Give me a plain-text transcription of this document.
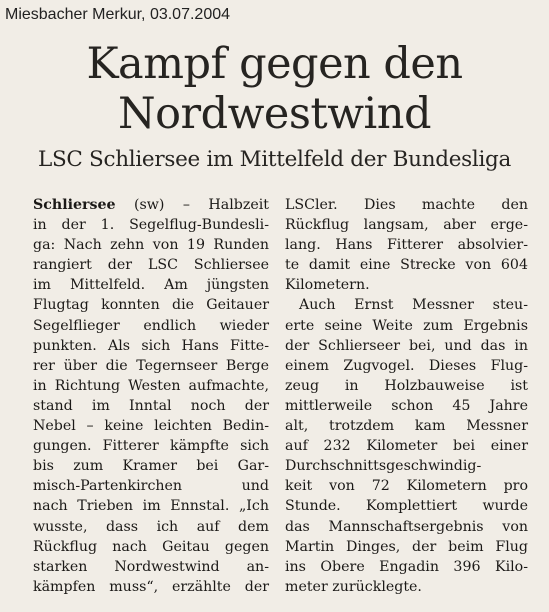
Miesbacher Merkur, 03.07.2004
Kampf gegen den
Nordwestwind
LSC Schliersee im Mittelfeld der Bundesliga
Schliersee (sw) – Halbzeit
in der 1. Segelflug-Bundesli-
ga: Nach zehn von 19 Runden
rangiert der LSC Schliersee
im Mittelfeld. Am jüngsten
Flugtag konnten die Geitauer
Segelflieger endlich wieder
punkten. Als sich Hans Fitte-
rer über die Tegernseer Berge
in Richtung Westen aufmachte,
stand im Inntal noch der
Nebel – keine leichten Bedin-
gungen. Fitterer kämpfte sich
bis zum Kramer bei Gar-
misch-Partenkirchen und
nach Trieben im Ennstal. „Ich
wusste, dass ich auf dem
Rückflug nach Geitau gegen
starken Nordwestwind an-
kämpfen muss“, erzählte der
LSCler. Dies machte den
Rückflug langsam, aber erge-
lang. Hans Fitterer absolvier-
te damit eine Strecke von 604
Kilometern.
Auch Ernst Messner steu-
erte seine Weite zum Ergebnis
der Schlierseer bei, und das in
einem Zugvogel. Dieses Flug-
zeug in Holzbauweise ist
mittlerweile schon 45 Jahre
alt, trotzdem kam Messner
auf 232 Kilometer bei einer
Durchschnittsgeschwindig-
keit von 72 Kilometern pro
Stunde. Komplettiert wurde
das Mannschaftsergebnis von
Martin Dinges, der beim Flug
ins Obere Engadin 396 Kilo-
meter zurücklegte.
